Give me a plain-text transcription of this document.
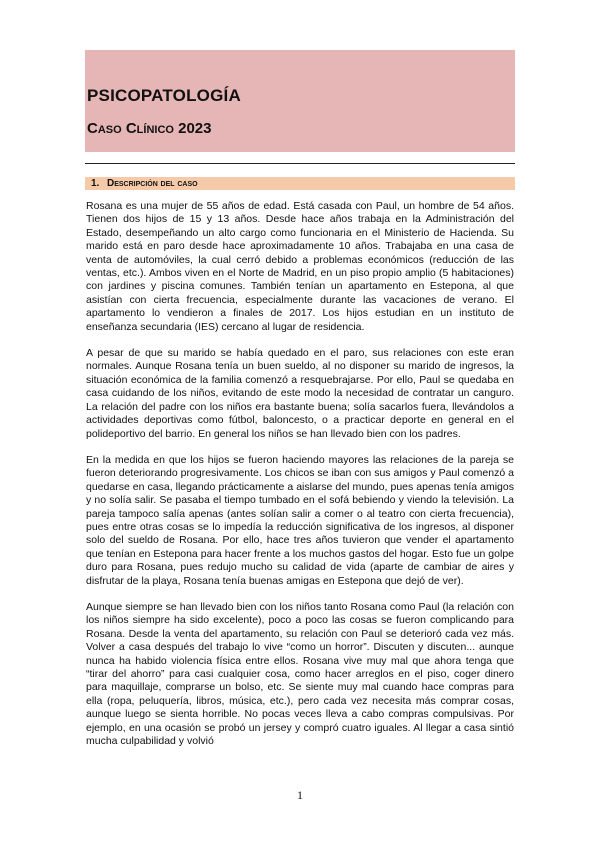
PSICOPATOLOGÍA
Caso Clínico 2023
1. Descripción del caso

Rosana es una mujer de 55 años de edad. Está casada con Paul, un hombre de 54 años. Tienen dos hijos de 15 y 13 años. Desde hace años trabaja en la Administración del Estado, desempeñando un alto cargo como funcionaria en el Ministerio de Hacienda. Su marido está en paro desde hace aproximadamente 10 años. Trabajaba en una casa de venta de automóviles, la cual cerró debido a problemas económicos (reducción de las ventas, etc.). Ambos viven en el Norte de Madrid, en un piso propio amplio (5 habitaciones) con jardines y piscina comunes. También tenían un apartamento en Estepona, al que asistían con cierta frecuencia, especialmente durante las vacaciones de verano. El apartamento lo vendieron a finales de 2017. Los hijos estudian en un instituto de enseñanza secundaria (IES) cercano al lugar de residencia.

A pesar de que su marido se había quedado en el paro, sus relaciones con este eran normales. Aunque Rosana tenía un buen sueldo, al no disponer su marido de ingresos, la situación económica de la familia comenzó a resquebrajarse. Por ello, Paul se quedaba en casa cuidando de los niños, evitando de este modo la necesidad de contratar un canguro. La relación del padre con los niños era bastante buena; solía sacarlos fuera, llevándolos a actividades deportivas como fútbol, baloncesto, o a practicar deporte en general en el polideportivo del barrio. En general los niños se han llevado bien con los padres.

En la medida en que los hijos se fueron haciendo mayores las relaciones de la pareja se fueron deteriorando progresivamente. Los chicos se iban con sus amigos y Paul comenzó a quedarse en casa, llegando prácticamente a aislarse del mundo, pues apenas tenía amigos y no solía salir. Se pasaba el tiempo tumbado en el sofá bebiendo y viendo la televisión. La pareja tampoco salía apenas (antes solían salir a comer o al teatro con cierta frecuencia), pues entre otras cosas se lo impedía la reducción significativa de los ingresos, al disponer solo del sueldo de Rosana. Por ello, hace tres años tuvieron que vender el apartamento que tenían en Estepona para hacer frente a los muchos gastos del hogar. Esto fue un golpe duro para Rosana, pues redujo mucho su calidad de vida (aparte de cambiar de aires y disfrutar de la playa, Rosana tenía buenas amigas en Estepona que dejó de ver).

Aunque siempre se han llevado bien con los niños tanto Rosana como Paul (la relación con los niños siempre ha sido excelente), poco a poco las cosas se fueron complicando para Rosana. Desde la venta del apartamento, su relación con Paul se deterioró cada vez más. Volver a casa después del trabajo lo vive “como un horror”. Discuten y discuten... aunque nunca ha habido violencia física entre ellos. Rosana vive muy mal que ahora tenga que “tirar del ahorro” para casi cualquier cosa, como hacer arreglos en el piso, coger dinero para maquillaje, comprarse un bolso, etc. Se siente muy mal cuando hace compras para ella (ropa, peluquería, libros, música, etc.), pero cada vez necesita más comprar cosas, aunque luego se sienta horrible. No pocas veces lleva a cabo compras compulsivas. Por ejemplo, en una ocasión se probó un jersey y compró cuatro iguales. Al llegar a casa sintió mucha culpabilidad y volvió

1
